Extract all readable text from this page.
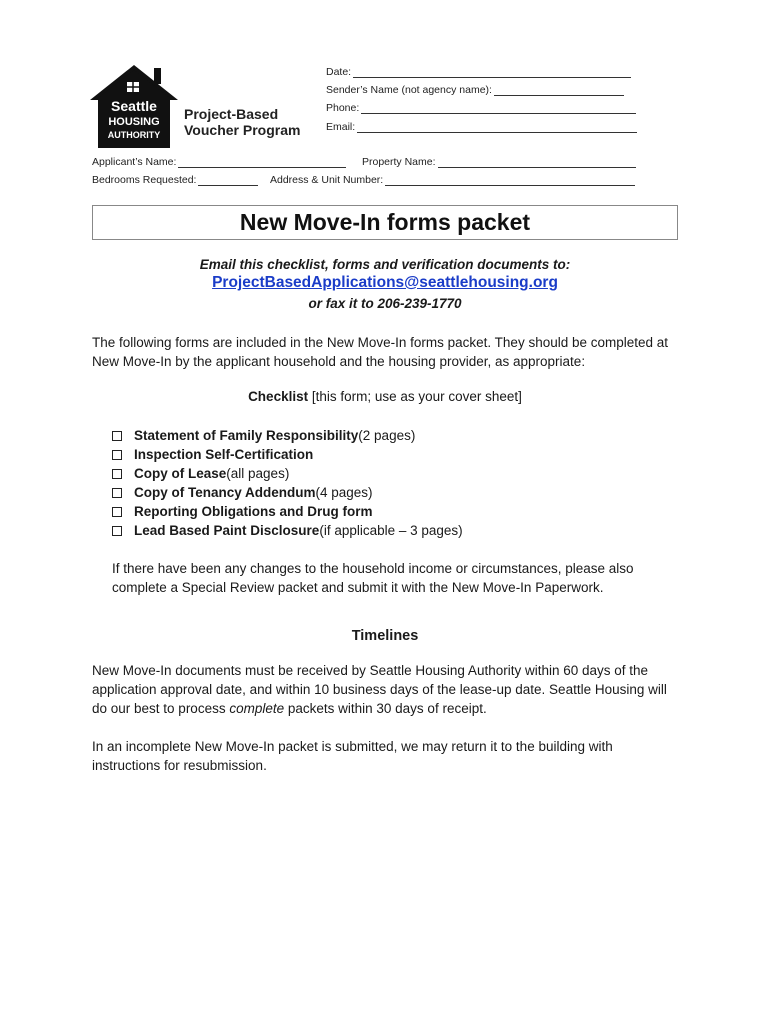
Seattle
HOUSING
AUTHORITY
Project-Based
Voucher Program
Date:
Sender’s Name (not agency name):
Phone:
Email:
Applicant’s Name:	Property Name:
Bedrooms Requested:	Address & Unit Number:
New Move-In forms packet
Email this checklist, forms and verification documents to:
ProjectBasedApplications@seattlehousing.org
or fax it to 206-239-1770
The following forms are included in the New Move-In forms packet. They should be completed at New Move-In by the applicant household and the housing provider, as appropriate:
Checklist [this form; use as your cover sheet]
Statement of Family Responsibility (2 pages)
Inspection Self-Certification
Copy of Lease (all pages)
Copy of Tenancy Addendum (4 pages)
Reporting Obligations and Drug form
Lead Based Paint Disclosure (if applicable – 3 pages)
If there have been any changes to the household income or circumstances, please also complete a Special Review packet and submit it with the New Move-In Paperwork.
Timelines
New Move-In documents must be received by Seattle Housing Authority within 60 days of the application approval date, and within 10 business days of the lease-up date. Seattle Housing will do our best to process complete packets within 30 days of receipt.
In an incomplete New Move-In packet is submitted, we may return it to the building with instructions for resubmission.
